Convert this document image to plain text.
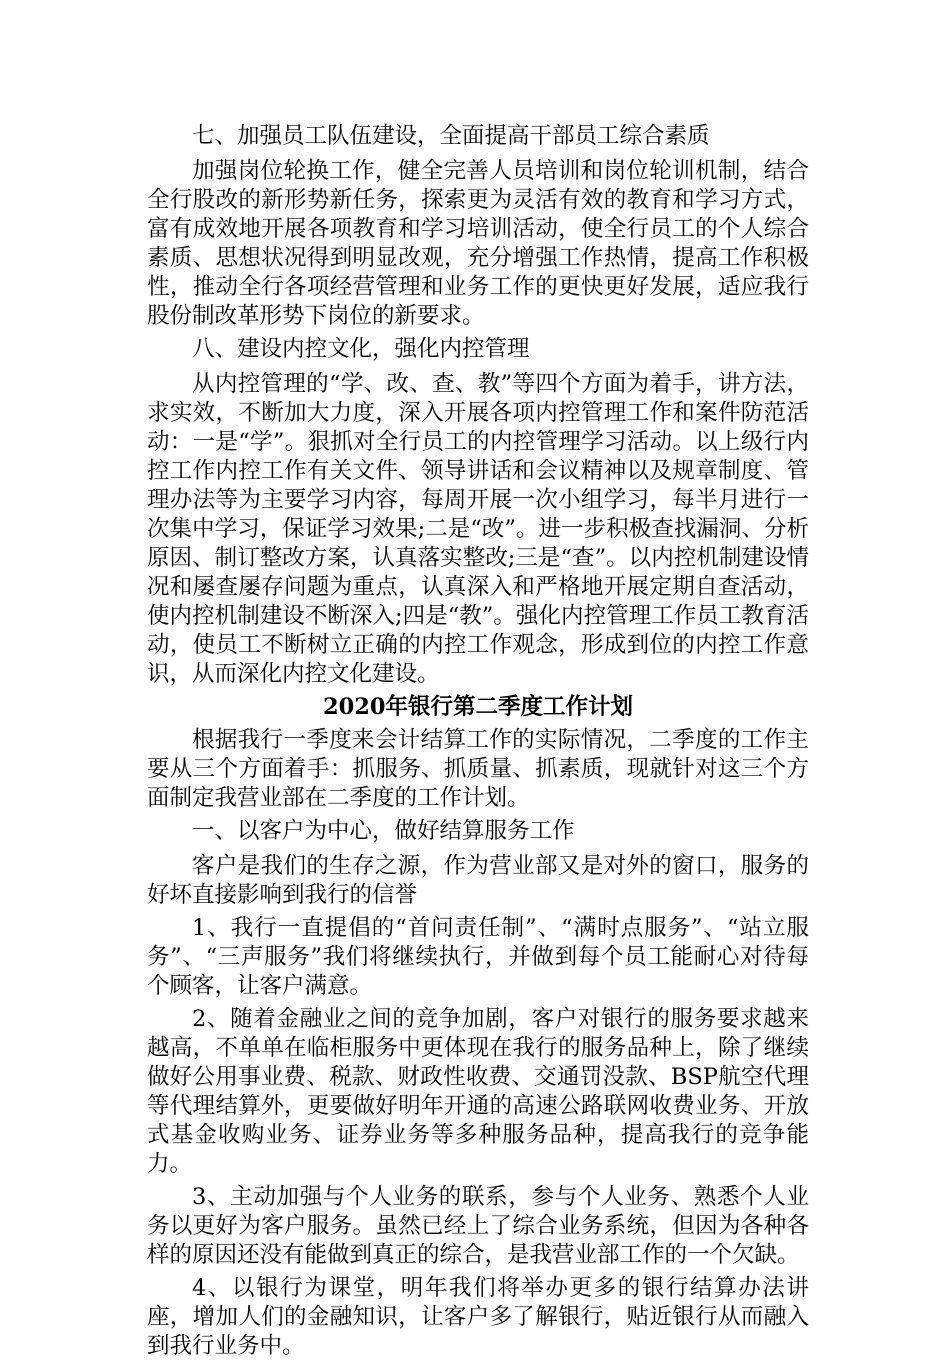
七、加强员工队伍建设，全面提高干部员工综合素质

加强岗位轮换工作，健全完善人员培训和岗位轮训机制，结合全行股改的新形势新任务，探索更为灵活有效的教育和学习方式，富有成效地开展各项教育和学习培训活动，使全行员工的个人综合素质、思想状况得到明显改观，充分增强工作热情，提高工作积极性，推动全行各项经营管理和业务工作的更快更好发展，适应我行股份制改革形势下岗位的新要求。

八、建设内控文化，强化内控管理

从内控管理的“学、改、查、教”等四个方面为着手，讲方法，求实效，不断加大力度，深入开展各项内控管理工作和案件防范活动：一是“学”。狠抓对全行员工的内控管理学习活动。以上级行内控工作内控工作有关文件、领导讲话和会议精神以及规章制度、管理办法等为主要学习内容，每周开展一次小组学习，每半月进行一次集中学习，保证学习效果;二是“改”。进一步积极查找漏洞、分析原因、制订整改方案，认真落实整改;三是“查”。以内控机制建设情况和屡查屡存问题为重点，认真深入和严格地开展定期自查活动，使内控机制建设不断深入;四是“教”。强化内控管理工作员工教育活动，使员工不断树立正确的内控工作观念，形成到位的内控工作意识，从而深化内控文化建设。

2020年银行第二季度工作计划

根据我行一季度来会计结算工作的实际情况，二季度的工作主要从三个方面着手：抓服务、抓质量、抓素质，现就针对这三个方面制定我营业部在二季度的工作计划。

一、以客户为中心，做好结算服务工作

客户是我们的生存之源，作为营业部又是对外的窗口，服务的好坏直接影响到我行的信誉

1、我行一直提倡的“首问责任制”、“满时点服务”、“站立服务”、“三声服务”我们将继续执行，并做到每个员工能耐心对待每个顾客，让客户满意。

2、随着金融业之间的竞争加剧，客户对银行的服务要求越来越高，不单单在临柜服务中更体现在我行的服务品种上，除了继续做好公用事业费、税款、财政性收费、交通罚没款、BSP航空代理等代理结算外，更要做好明年开通的高速公路联网收费业务、开放式基金收购业务、证券业务等多种服务品种，提高我行的竞争能力。

3、主动加强与个人业务的联系，参与个人业务、熟悉个人业务以更好为客户服务。虽然已经上了综合业务系统，但因为各种各样的原因还没有能做到真正的综合，是我营业部工作的一个欠缺。

4、以银行为课堂，明年我们将举办更多的银行结算办法讲座，增加人们的金融知识，让客户多了解银行，贴近银行从而融入到我行业务中。
